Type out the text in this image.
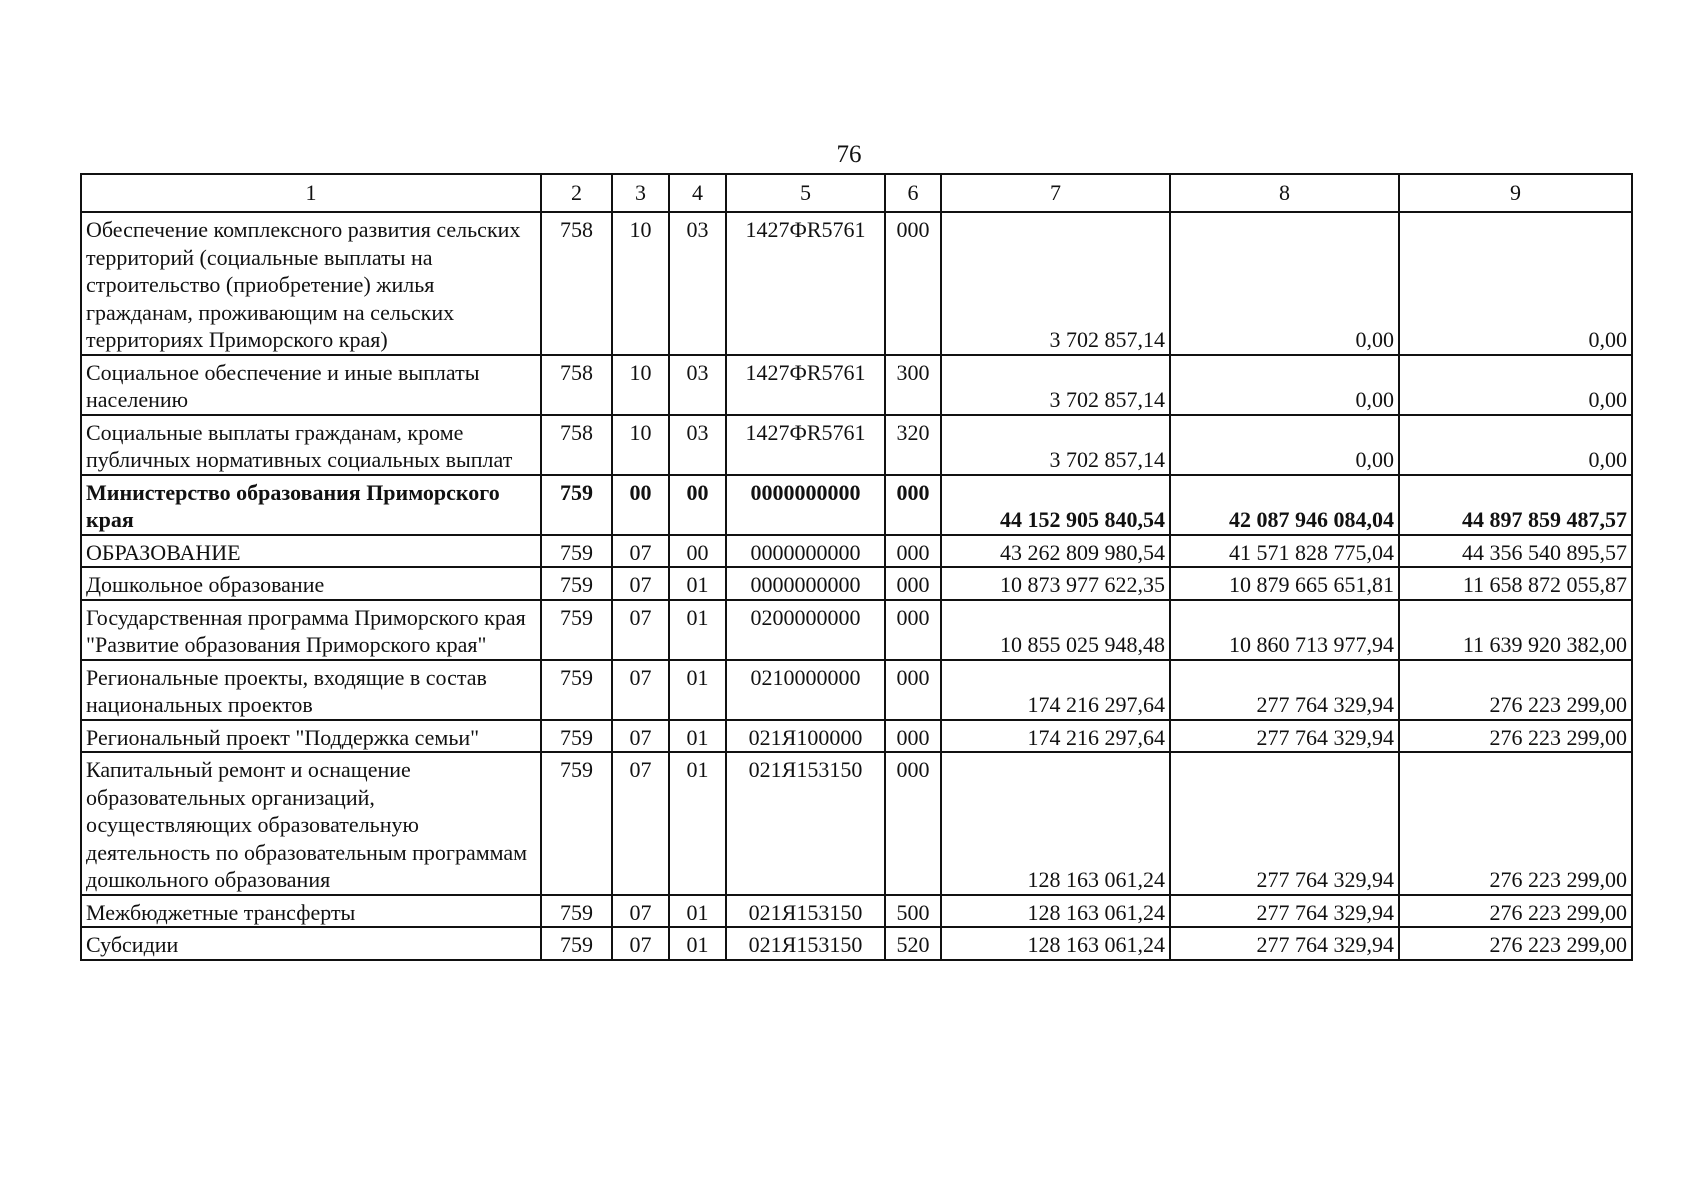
76
1	2	3	4	5	6	7	8	9
Обеспечение комплексного развития сельских территорий (социальные выплаты на строительство (приобретение) жилья гражданам, проживающим на сельских территориях Приморского края)	758	10	03	1427ФR5761	000	3 702 857,14	0,00	0,00
Социальное обеспечение и иные выплаты населению	758	10	03	1427ФR5761	300	3 702 857,14	0,00	0,00
Социальные выплаты гражданам, кроме публичных нормативных социальных выплат	758	10	03	1427ФR5761	320	3 702 857,14	0,00	0,00
Министерство образования Приморского края	759	00	00	0000000000	000	44 152 905 840,54	42 087 946 084,04	44 897 859 487,57
ОБРАЗОВАНИЕ	759	07	00	0000000000	000	43 262 809 980,54	41 571 828 775,04	44 356 540 895,57
Дошкольное образование	759	07	01	0000000000	000	10 873 977 622,35	10 879 665 651,81	11 658 872 055,87
Государственная программа Приморского края "Развитие образования Приморского края"	759	07	01	0200000000	000	10 855 025 948,48	10 860 713 977,94	11 639 920 382,00
Региональные проекты, входящие в состав национальных проектов	759	07	01	0210000000	000	174 216 297,64	277 764 329,94	276 223 299,00
Региональный проект "Поддержка семьи"	759	07	01	021Я100000	000	174 216 297,64	277 764 329,94	276 223 299,00
Капитальный ремонт и оснащение образовательных организаций, осуществляющих образовательную деятельность по образовательным программам дошкольного образования	759	07	01	021Я153150	000	128 163 061,24	277 764 329,94	276 223 299,00
Межбюджетные трансферты	759	07	01	021Я153150	500	128 163 061,24	277 764 329,94	276 223 299,00
Субсидии	759	07	01	021Я153150	520	128 163 061,24	277 764 329,94	276 223 299,00
